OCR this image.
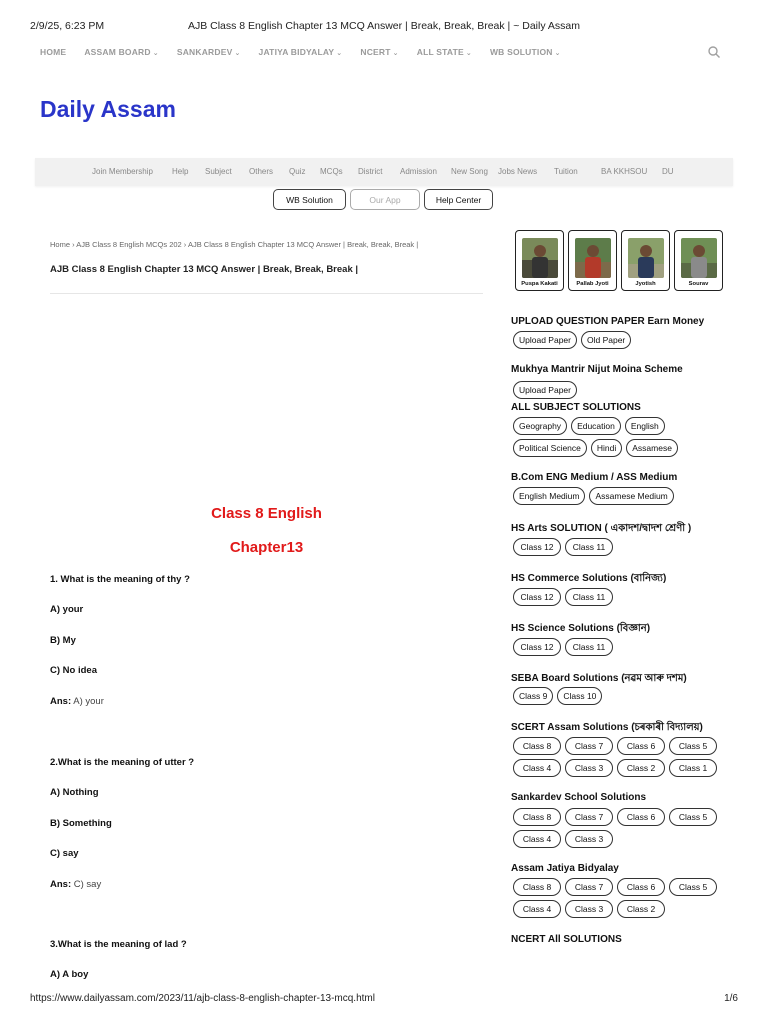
2/9/25, 6:23 PM	AJB Class 8 English Chapter 13 MCQ Answer | Break, Break, Break | ~ Daily Assam
HOME ASSAM BOARD ⌄ SANKARDEV ⌄ JATIYA BIDYALAY ⌄ NCERT ⌄ ALL STATE ⌄ WB SOLUTION ⌄
Daily Assam
Join Membership Help Subject Others Quiz MCQs District Admission New Song Jobs News Tuition	BA KKHSOU DU
WB Solution	Our App	Help Center
Home › AJB Class 8 English MCQs 202 › AJB Class 8 English Chapter 13 MCQ Answer | Break, Break, Break |
AJB Class 8 English Chapter 13 MCQ Answer | Break, Break, Break |
Class 8 English
Chapter13
1. What is the meaning of thy ?
A) your
B) My
C) No idea
Ans: A) your
2.What is the meaning of utter ?
A) Nothing
B) Something
C) say
Ans: C) say
3.What is the meaning of lad ?
A) A boy
Puspa Kakati	Pallab Jyoti	Jyotish	Sourav
UPLOAD QUESTION PAPER Earn Money
Upload Paper	Old Paper
Mukhya Mantrir Nijut Moina Scheme
Upload Paper
ALL SUBJECT SOLUTIONS
Geography	Education	English
Political Science	Hindi	Assamese
B.Com ENG Medium / ASS Medium
English Medium	Assamese Medium
HS Arts SOLUTION ( একাদশ/দ্বাদশ শ্ৰেণী )
Class 12	Class 11
HS Commerce Solutions (বানিজ্য)
Class 12	Class 11
HS Science Solutions (বিজ্ঞান)
Class 12	Class 11
SEBA Board Solutions (নৱম আৰু দশম)
Class 9	Class 10
SCERT Assam Solutions (চৰকাৰী বিদ্যালয়)
Class 8	Class 7	Class 6	Class 5
Class 4	Class 3	Class 2	Class 1
Sankardev School Solutions
Class 8	Class 7	Class 6	Class 5
Class 4	Class 3
Assam Jatiya Bidyalay
Class 8	Class 7	Class 6	Class 5
Class 4	Class 3	Class 2
NCERT All SOLUTIONS
https://www.dailyassam.com/2023/11/ajb-class-8-english-chapter-13-mcq.html	1/6
